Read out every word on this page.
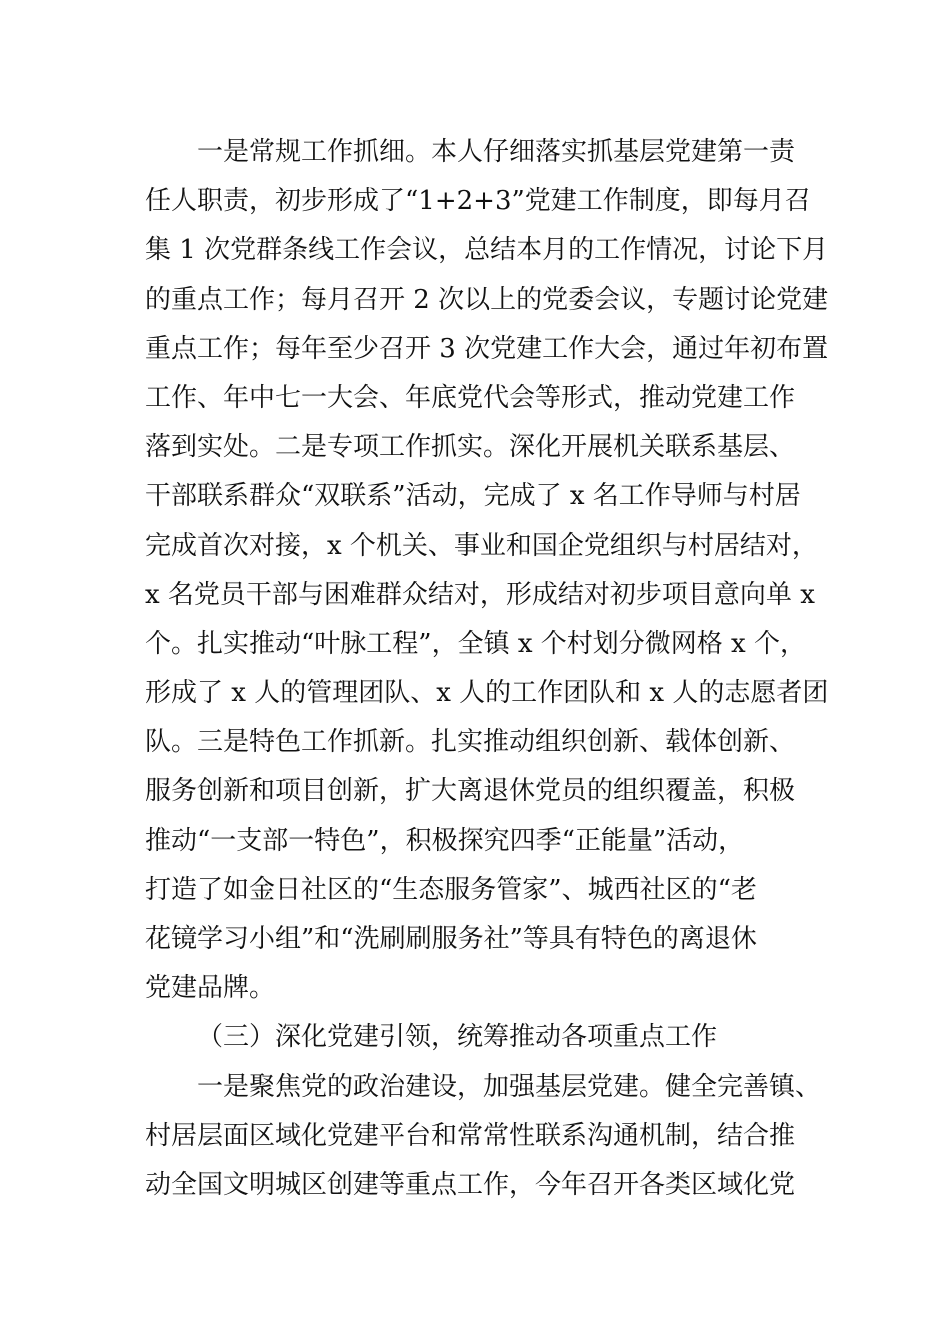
一是常规工作抓细。本人仔细落实抓基层党建第一责
任人职责，初步形成了“1+2+3”党建工作制度，即每月召
集 1 次党群条线工作会议，总结本月的工作情况，讨论下月
的重点工作；每月召开 2 次以上的党委会议，专题讨论党建
重点工作；每年至少召开 3 次党建工作大会，通过年初布置
工作、年中七一大会、年底党代会等形式，推动党建工作
落到实处。二是专项工作抓实。深化开展机关联系基层、
干部联系群众“双联系”活动，完成了 x 名工作导师与村居
完成首次对接，x 个机关、事业和国企党组织与村居结对，
x 名党员干部与困难群众结对，形成结对初步项目意向单 x
个。扎实推动“叶脉工程”，全镇 x 个村划分微网格 x 个，
形成了 x 人的管理团队、x 人的工作团队和 x 人的志愿者团
队。三是特色工作抓新。扎实推动组织创新、载体创新、
服务创新和项目创新，扩大离退休党员的组织覆盖，积极
推动“一支部一特色”，积极探究四季“正能量”活动，
打造了如金日社区的“生态服务管家”、城西社区的“老
花镜学习小组”和“洗刷刷服务社”等具有特色的离退休
党建品牌。
（三）深化党建引领，统筹推动各项重点工作
一是聚焦党的政治建设，加强基层党建。健全完善镇、
村居层面区域化党建平台和常常性联系沟通机制，结合推
动全国文明城区创建等重点工作，今年召开各类区域化党
